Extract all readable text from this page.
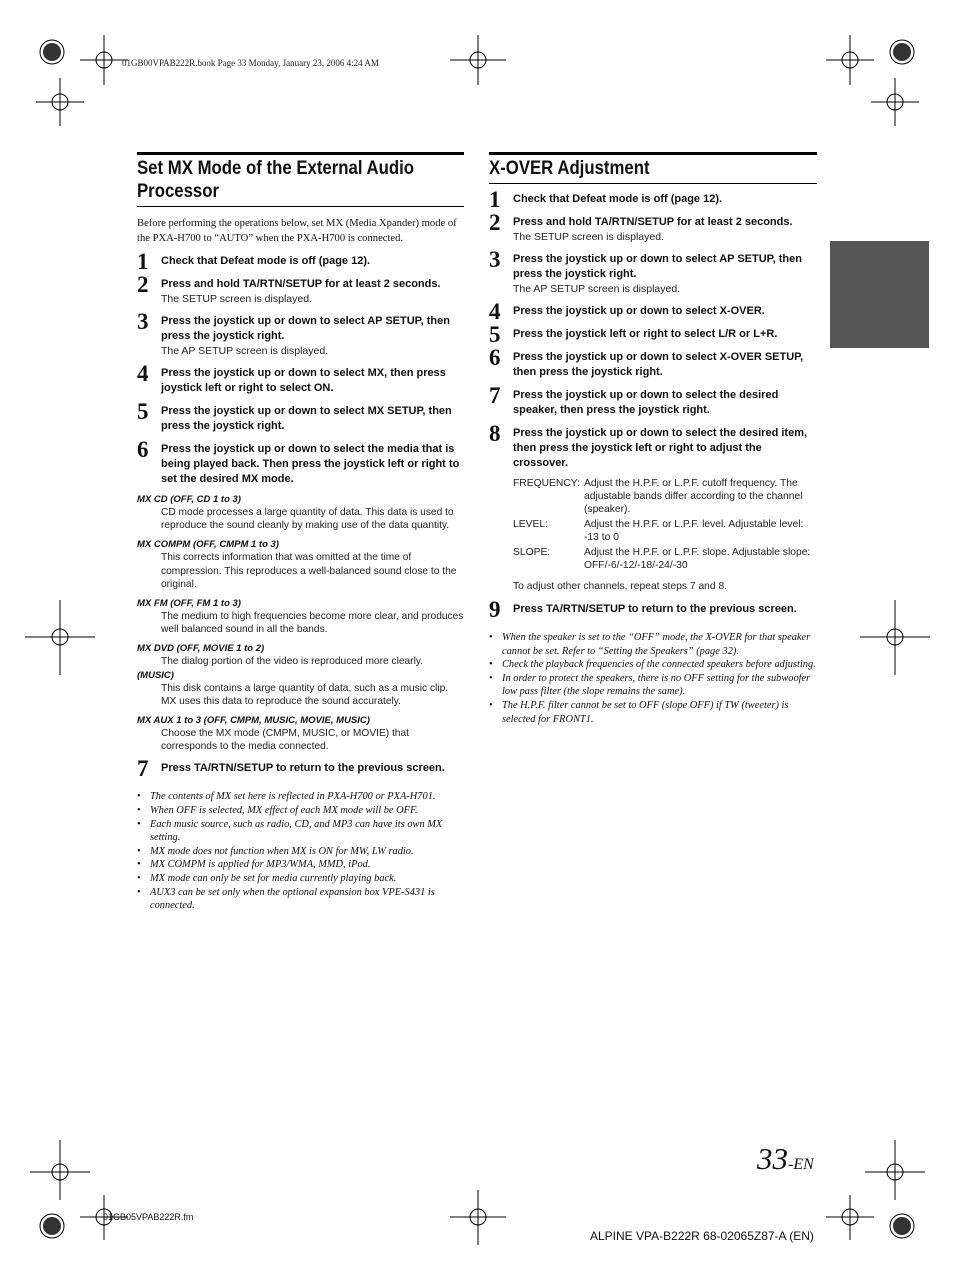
01GB00VPAB222R.book Page 33 Monday, January 23, 2006 4:24 AM
Set MX Mode of the External Audio
Processor
Before performing the operations below, set MX (Media Xpander) mode of the PXA-H700 to “AUTO” when the PXA-H700 is connected.
1 Check that Defeat mode is off (page 12).
2 Press and hold TA/RTN/SETUP for at least 2 seconds.
The SETUP screen is displayed.
3 Press the joystick up or down to select AP SETUP, then press the joystick right.
The AP SETUP screen is displayed.
4 Press the joystick up or down to select MX, then press joystick left or right to select ON.
5 Press the joystick up or down to select MX SETUP, then press the joystick right.
6 Press the joystick up or down to select the media that is being played back. Then press the joystick left or right to set the desired MX mode.
MX CD (OFF, CD 1 to 3)
CD mode processes a large quantity of data. This data is used to reproduce the sound cleanly by making use of the data quantity.
MX COMPM (OFF, CMPM 1 to 3)
This corrects information that was omitted at the time of compression. This reproduces a well-balanced sound close to the original.
MX FM (OFF, FM 1 to 3)
The medium to high frequencies become more clear, and produces well balanced sound in all the bands.
MX DVD (OFF, MOVIE 1 to 2)
The dialog portion of the video is reproduced more clearly.
(MUSIC)
This disk contains a large quantity of data, such as a music clip. MX uses this data to reproduce the sound accurately.
MX AUX 1 to 3 (OFF, CMPM, MUSIC, MOVIE, MUSIC)
Choose the MX mode (CMPM, MUSIC, or MOVIE) that corresponds to the media connected.
7 Press TA/RTN/SETUP to return to the previous screen.
• The contents of MX set here is reflected in PXA-H700 or PXA-H701.
• When OFF is selected, MX effect of each MX mode will be OFF.
• Each music source, such as radio, CD, and MP3 can have its own MX setting.
• MX mode does not function when MX is ON for MW, LW radio.
• MX COMPM is applied for MP3/WMA, MMD, iPod.
• MX mode can only be set for media currently playing back.
• AUX3 can be set only when the optional expansion box VPE-S431 is connected.
X-OVER Adjustment
1 Check that Defeat mode is off (page 12).
2 Press and hold TA/RTN/SETUP for at least 2 seconds.
The SETUP screen is displayed.
3 Press the joystick up or down to select AP SETUP, then press the joystick right.
The AP SETUP screen is displayed.
4 Press the joystick up or down to select X-OVER.
5 Press the joystick left or right to select L/R or L+R.
6 Press the joystick up or down to select X-OVER SETUP, then press the joystick right.
7 Press the joystick up or down to select the desired speaker, then press the joystick right.
8 Press the joystick up or down to select the desired item, then press the joystick left or right to adjust the crossover.
FREQUENCY: Adjust the H.P.F. or L.P.F. cutoff frequency. The adjustable bands differ according to the channel (speaker).
LEVEL:	Adjust the H.P.F. or L.P.F. level. Adjustable level: -13 to 0
SLOPE:	Adjust the H.P.F. or L.P.F. slope. Adjustable slope: OFF/-6/-12/-18/-24/-30
To adjust other channels, repeat steps 7 and 8.
9 Press TA/RTN/SETUP to return to the previous screen.
• When the speaker is set to the “OFF” mode, the X-OVER for that speaker cannot be set. Refer to “Setting the Speakers” (page 32).
• Check the playback frequencies of the connected speakers before adjusting.
• In order to protect the speakers, there is no OFF setting for the subwoofer low pass filter (the slope remains the same).
• The H.P.F. filter cannot be set to OFF (slope OFF) if TW (tweeter) is selected for FRONT1.
33-EN
01GB05VPAB222R.fm
ALPINE VPA-B222R 68-02065Z87-A (EN)
